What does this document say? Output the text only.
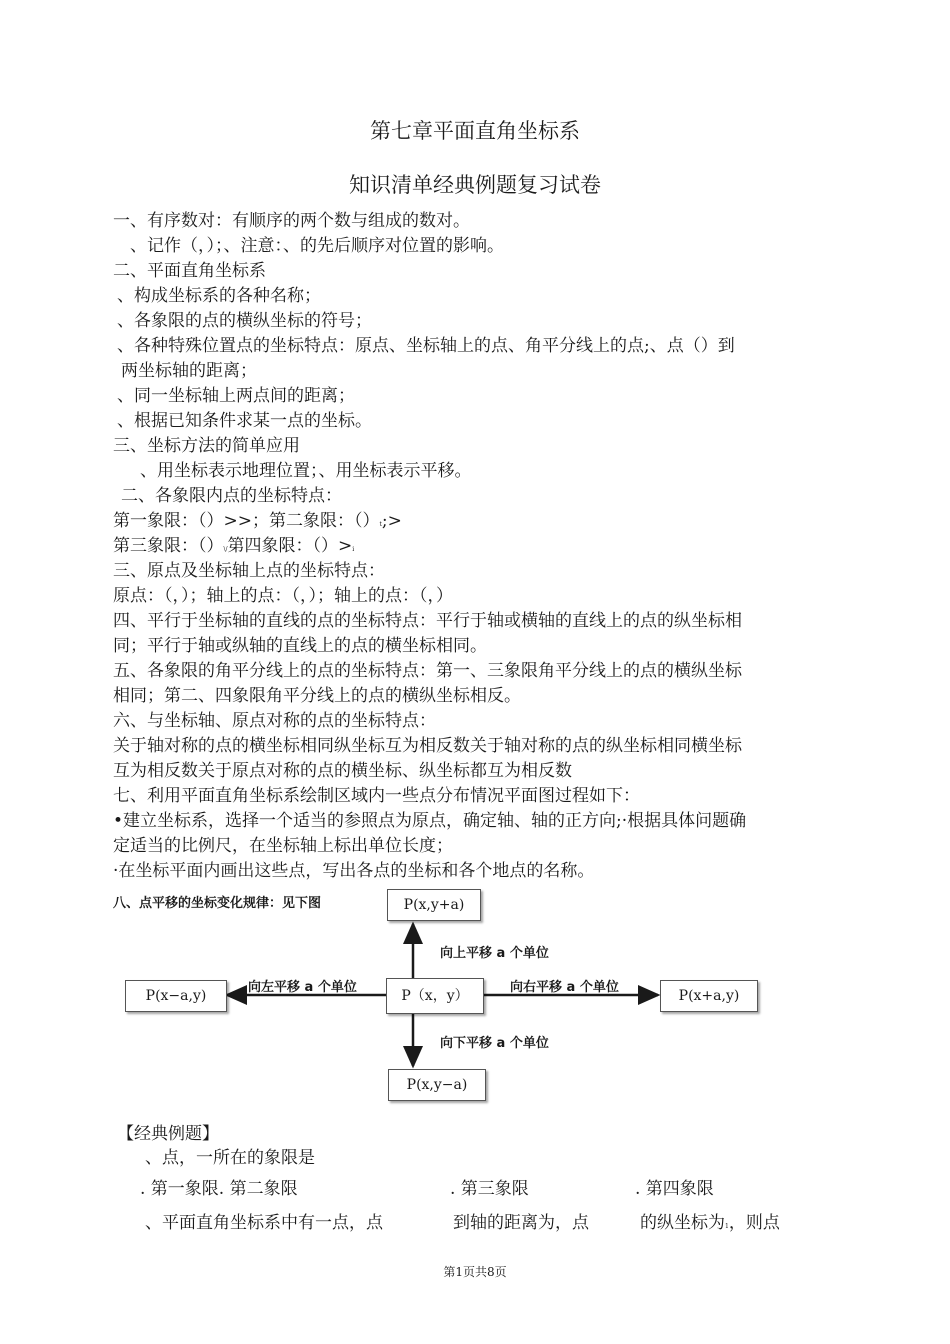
第七章平面直角坐标系
知识清单经典例题复习试卷
一、有序数对：有顺序的两个数与组成的数对。
、记作（，）；、注意：、的先后顺序对位置的影响。
二、平面直角坐标系
、构成坐标系的各种名称；
、各象限的点的横纵坐标的符号；
、各种特殊位置点的坐标特点：原点、坐标轴上的点、角平分线上的点;、点（）到
两坐标轴的距离；
、同一坐标轴上两点间的距离；
、根据已知条件求某一点的坐标。
三、坐标方法的简单应用
、用坐标表示地理位置；、用坐标表示平移。
二、各象限内点的坐标特点：
第一象限：（）>>；第二象限：（）t;>
第三象限：（）\/第四象限：（）>i
三、原点及坐标轴上点的坐标特点：
原点：（，）；轴上的点：（，）；轴上的点：（，）
四、平行于坐标轴的直线的点的坐标特点：平行于轴或横轴的直线上的点的纵坐标相
同；平行于轴或纵轴的直线上的点的横坐标相同。
五、各象限的角平分线上的点的坐标特点：第一、三象限角平分线上的点的横纵坐标
相同；第二、四象限角平分线上的点的横纵坐标相反。
六、与坐标轴、原点对称的点的坐标特点：
关于轴对称的点的横坐标相同纵坐标互为相反数关于轴对称的点的纵坐标相同横坐标
互为相反数关于原点对称的点的横坐标、纵坐标都互为相反数
七、利用平面直角坐标系绘制区域内一些点分布情况平面图过程如下：
•建立坐标系，选择一个适当的参照点为原点，确定轴、轴的正方向;·根据具体问题确
定适当的比例尺，在坐标轴上标出单位长度；
·在坐标平面内画出这些点，写出各点的坐标和各个地点的名称。
八、点平移的坐标变化规律：见下图	P(x,y+a)
P（x，y）
P(x−a,y)	P(x+a,y)
P(x,y−a)
向上平移 a 个单位
向左平移 a 个单位	向右平移 a 个单位
向下平移 a 个单位
【经典例题】
、点，一所在的象限是
. 第一象限. 第二象限	. 第三象限	. 第四象限
、平面直角坐标系中有一点，点	到轴的距离为，点	的纵坐标为1，则点
第1页共8页
